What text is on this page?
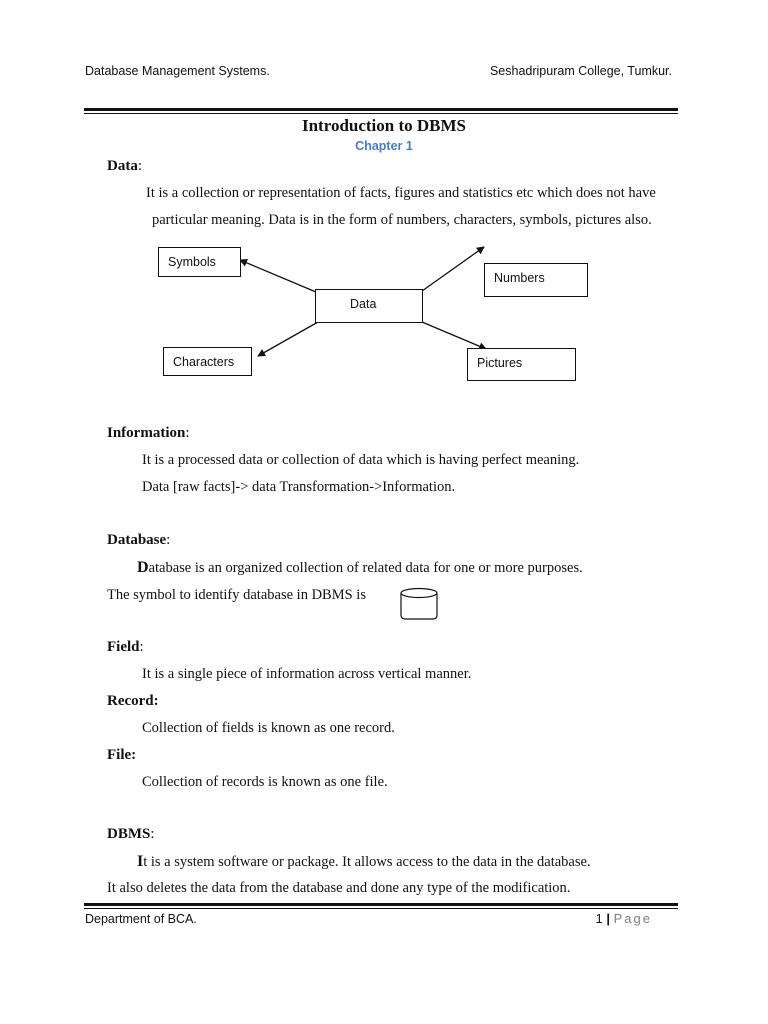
Database Management Systems.	Seshadripuram College, Tumkur.
Introduction to DBMS
Chapter 1
Data:
It is a collection or representation of facts, figures and statistics etc which does not have
particular meaning. Data is in the form of numbers, characters, symbols, pictures also.
Symbols
Numbers
Data
Characters	Pictures
Information:
It is a processed data or collection of data which is having perfect meaning.
Data [raw facts]-> data Transformation->Information.
Database:
Database is an organized collection of related data for one or more purposes.
The symbol to identify database in DBMS is
Field:
It is a single piece of information across vertical manner.
Record:
Collection of fields is known as one record.
File:
Collection of records is known as one file.
DBMS:
It is a system software or package. It allows access to the data in the database.
It also deletes the data from the database and done any type of the modification.
Department of BCA.	1 | Page
